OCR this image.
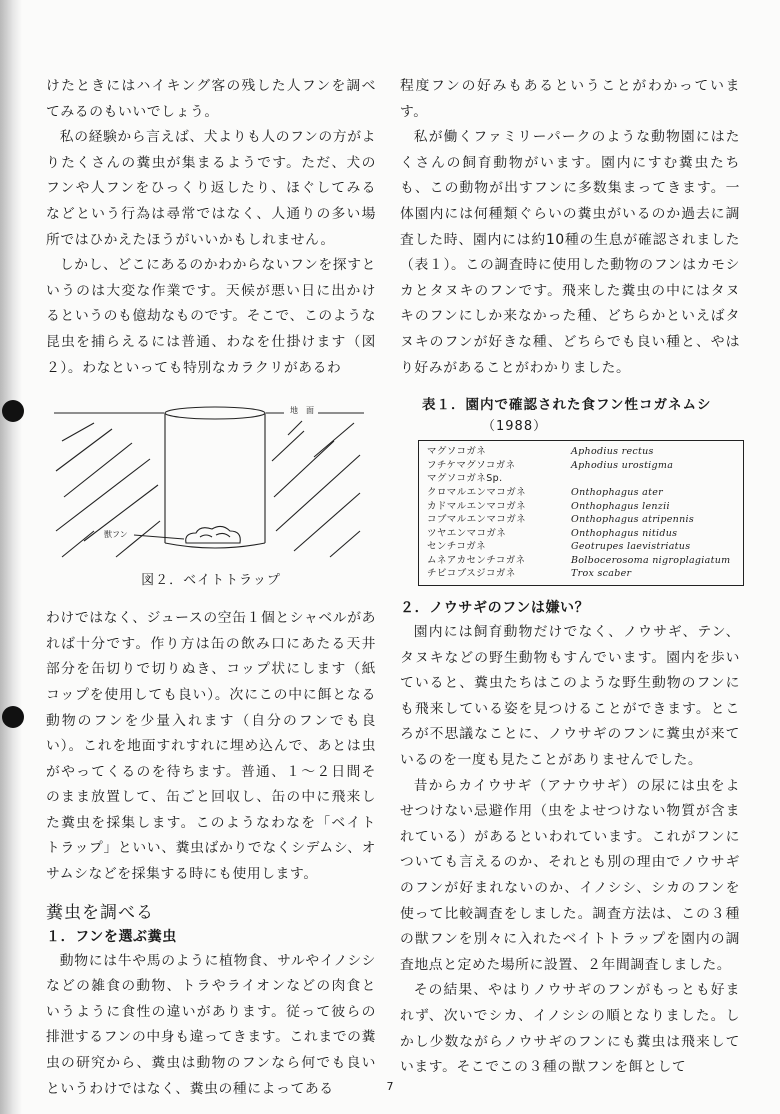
けたときにはハイキング客の残した人フンを調べてみるのもいいでしょう。

私の経験から言えば、犬よりも人のフンの方がよりたくさんの糞虫が集まるようです。ただ、犬のフンや人フンをひっくり返したり、ほぐしてみるなどという行為は尋常ではなく、人通りの多い場所ではひかえたほうがいいかもしれません。

しかし、どこにあるのかわからないフンを探すというのは大変な作業です。天候が悪い日に出かけるというのも億劫なものです。そこで、このような昆虫を捕らえるには普通、わなを仕掛けます（図２）。わなといっても特別なカラクリがあるわ

地　面
獣フン
図２．ベイトトラップ

わけではなく、ジュースの空缶１個とシャベルがあれば十分です。作り方は缶の飲み口にあたる天井部分を缶切りで切りぬき、コップ状にします（紙コップを使用しても良い）。次にこの中に餌となる動物のフンを少量入れます（自分のフンでも良い）。これを地面すれすれに埋め込んで、あとは虫がやってくるのを待ちます。普通、１〜２日間そのまま放置して、缶ごと回収し、缶の中に飛来した糞虫を採集します。このようなわなを「ベイトトラップ」といい、糞虫ばかりでなくシデムシ、オサムシなどを採集する時にも使用します。

糞虫を調べる
１．フンを選ぶ糞虫

動物には牛や馬のように植物食、サルやイノシシなどの雑食の動物、トラやライオンなどの肉食というように食性の違いがあります。従って彼らの排泄するフンの中身も違ってきます。これまでの糞虫の研究から、糞虫は動物のフンなら何でも良いというわけではなく、糞虫の種によってある

程度フンの好みもあるということがわかっています。

私が働くファミリーパークのような動物園にはたくさんの飼育動物がいます。園内にすむ糞虫たちも、この動物が出すフンに多数集まってきます。一体園内には何種類ぐらいの糞虫がいるのか過去に調査した時、園内には約10種の生息が確認されました（表１）。この調査時に使用した動物のフンはカモシカとタヌキのフンです。飛来した糞虫の中にはタヌキのフンにしか来なかった種、どちらかといえばタヌキのフンが好きな種、どちらでも良い種と、やはり好みがあることがわかりました。

表１．園内で確認された食フン性コガネムシ
（1988）
マグソコガネ	Aphodius rectus
フチケマグソコガネ	Aphodius urostigma
マグソコガネSp.
クロマルエンマコガネ	Onthophagus ater
カドマルエンマコガネ	Onthophagus lenzii
コブマルエンマコガネ	Onthophagus atripennis
ツヤエンマコガネ	Onthophagus nitidus
センチコガネ	Geotrupes laevistriatus
ムネアカセンチコガネ	Bolbocerosoma nigroplagiatum
チビコブスジコガネ	Trox scaber
２．ノウサギのフンは嫌い？

園内には飼育動物だけでなく、ノウサギ、テン、タヌキなどの野生動物もすんでいます。園内を歩いていると、糞虫たちはこのような野生動物のフンにも飛来している姿を見つけることができます。ところが不思議なことに、ノウサギのフンに糞虫が来ているのを一度も見たことがありませんでした。

昔からカイウサギ（アナウサギ）の尿には虫をよせつけない忌避作用（虫をよせつけない物質が含まれている）があるといわれています。これがフンについても言えるのか、それとも別の理由でノウサギのフンが好まれないのか、イノシシ、シカのフンを使って比較調査をしました。調査方法は、この３種の獣フンを別々に入れたベイトトラップを園内の調査地点と定めた場所に設置、２年間調査しました。

その結果、やはりノウサギのフンがもっとも好まれず、次いでシカ、イノシシの順となりました。しかし少数ながらノウサギのフンにも糞虫は飛来しています。そこでこの３種の獣フンを餌として

7
